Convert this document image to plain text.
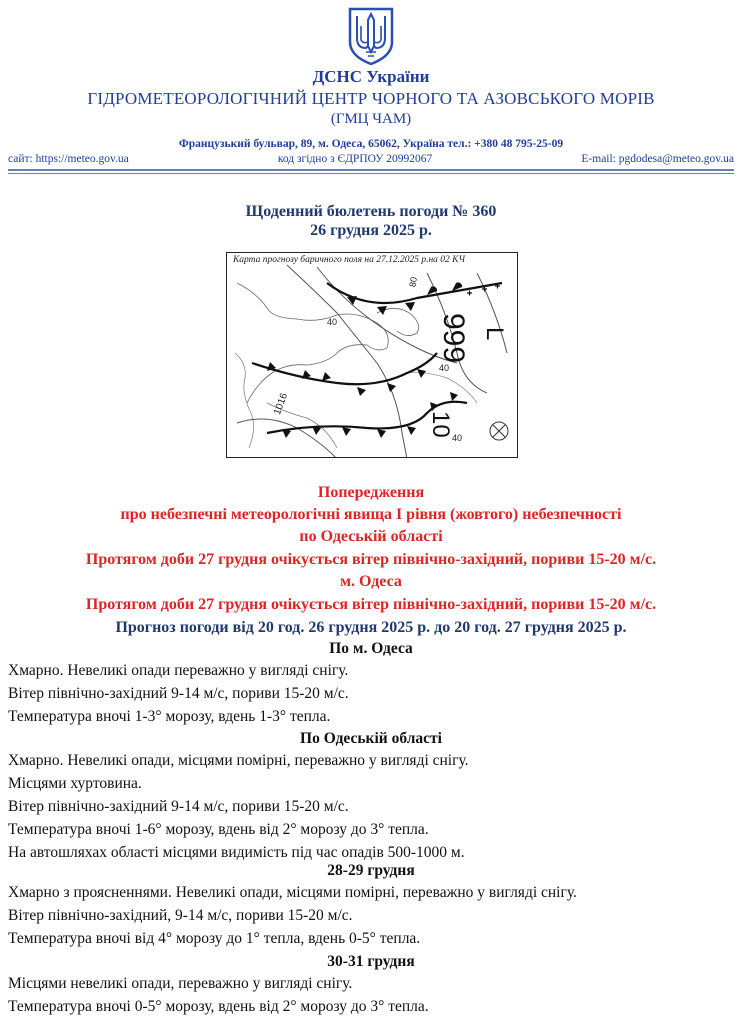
ДСНС України
ГІДРОМЕТЕОРОЛОГІЧНИЙ ЦЕНТР ЧОРНОГО ТА АЗОВСЬКОГО МОРІВ
(ГМЦ ЧАМ)
Французький бульвар, 89, м. Одеса, 65062, Україна тел.: +380 48 795-25-09
сайт: https://meteo.gov.ua	код згідно з ЄДРПОУ 20992067	E-mail: pgdodesa@meteo.gov.ua
Щоденний бюлетень погоди № 360
26 грудня 2025 р.
999 L
1016
10
80
40
40
40
Карта прогнозу баричного поля на 27.12.2025 р.на 02 КЧ
Попередження
про небезпечні метеорологічні явища І рівня (жовтого) небезпечності
по Одеській області
Протягом доби 27 грудня очікується вітер північно-західний, пориви 15-20 м/с.
м. Одеса
Протягом доби 27 грудня очікується вітер північно-західний, пориви 15-20 м/с.
Прогноз погоди від 20 год. 26 грудня 2025 р. до 20 год. 27 грудня 2025 р.
По м. Одеса
Хмарно. Невеликі опади переважно у вигляді снігу.
Вітер північно-західний 9-14 м/с, пориви 15-20 м/с.
Температура вночі 1-3° морозу, вдень 1-3° тепла.
По Одеській області
Хмарно. Невеликі опади, місцями помірні, переважно у вигляді снігу.
Місцями хуртовина.
Вітер північно-західний 9-14 м/с, пориви 15-20 м/с.
Температура вночі 1-6° морозу, вдень від 2° морозу до 3° тепла.
На автошляхах області місцями видимість під час опадів 500-1000 м.
28-29 грудня
Хмарно з проясненнями. Невеликі опади, місцями помірні, переважно у вигляді снігу.
Вітер північно-західний, 9-14 м/с, пориви 15-20 м/с.
Температура вночі від 4° морозу до 1° тепла, вдень 0-5° тепла.
30-31 грудня
Місцями невеликі опади, переважно у вигляді снігу.
Температура вночі 0-5° морозу, вдень від 2° морозу до 3° тепла.
